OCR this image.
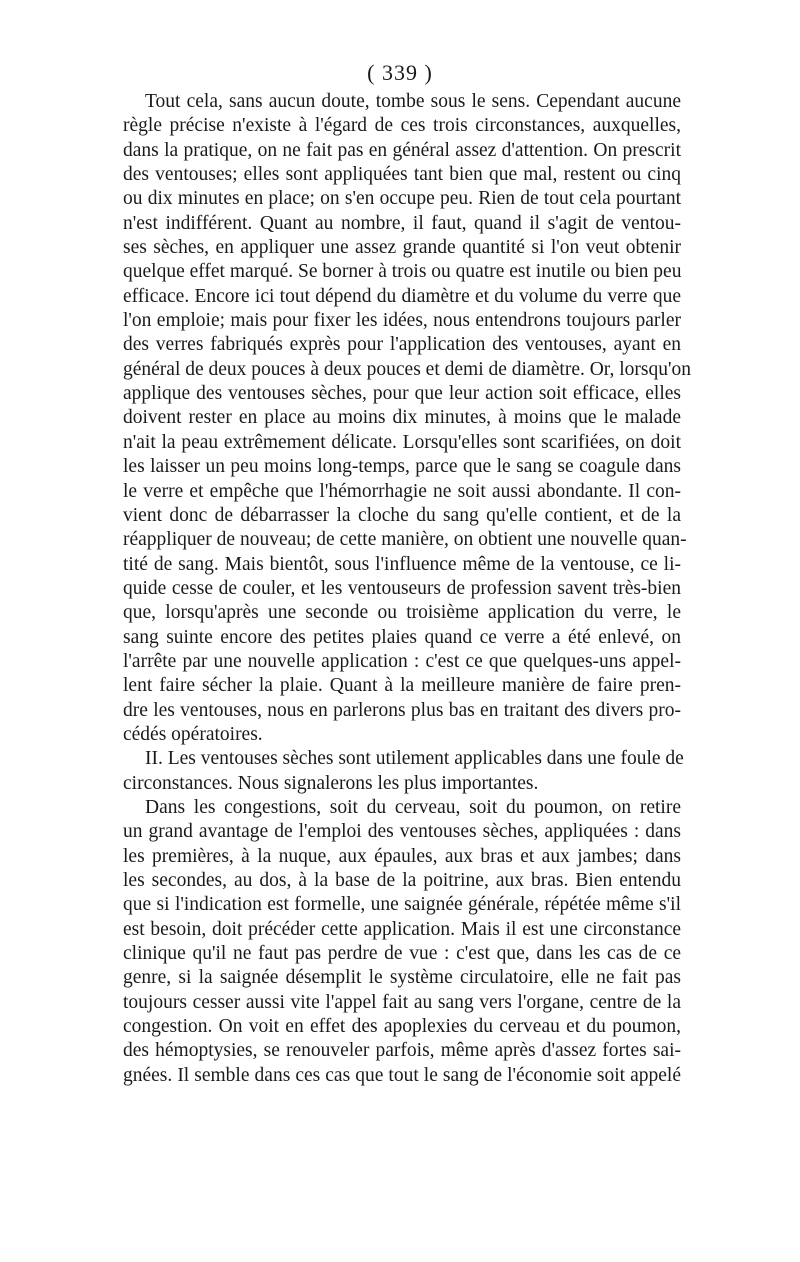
( 339 )
Tout cela, sans aucun doute, tombe sous le sens. Cependant aucune
règle précise n'existe à l'égard de ces trois circonstances, auxquelles,
dans la pratique, on ne fait pas en général assez d'attention. On prescrit
des ventouses; elles sont appliquées tant bien que mal, restent ou cinq
ou dix minutes en place; on s'en occupe peu. Rien de tout cela pourtant
n'est indifférent. Quant au nombre, il faut, quand il s'agit de ventou-
ses sèches, en appliquer une assez grande quantité si l'on veut obtenir
quelque effet marqué. Se borner à trois ou quatre est inutile ou bien peu
efficace. Encore ici tout dépend du diamètre et du volume du verre que
l'on emploie; mais pour fixer les idées, nous entendrons toujours parler
des verres fabriqués exprès pour l'application des ventouses, ayant en
général de deux pouces à deux pouces et demi de diamètre. Or, lorsqu'on
applique des ventouses sèches, pour que leur action soit efficace, elles
doivent rester en place au moins dix minutes, à moins que le malade
n'ait la peau extrêmement délicate. Lorsqu'elles sont scarifiées, on doit
les laisser un peu moins long-temps, parce que le sang se coagule dans
le verre et empêche que l'hémorrhagie ne soit aussi abondante. Il con-
vient donc de débarrasser la cloche du sang qu'elle contient, et de la
réappliquer de nouveau; de cette manière, on obtient une nouvelle quan-
tité de sang. Mais bientôt, sous l'influence même de la ventouse, ce li-
quide cesse de couler, et les ventouseurs de profession savent très-bien
que, lorsqu'après une seconde ou troisième application du verre, le
sang suinte encore des petites plaies quand ce verre a été enlevé, on
l'arrête par une nouvelle application : c'est ce que quelques-uns appel-
lent faire sécher la plaie. Quant à la meilleure manière de faire pren-
dre les ventouses, nous en parlerons plus bas en traitant des divers pro-
cédés opératoires.
II. Les ventouses sèches sont utilement applicables dans une foule de
circonstances. Nous signalerons les plus importantes.
Dans les congestions, soit du cerveau, soit du poumon, on retire
un grand avantage de l'emploi des ventouses sèches, appliquées : dans
les premières, à la nuque, aux épaules, aux bras et aux jambes; dans
les secondes, au dos, à la base de la poitrine, aux bras. Bien entendu
que si l'indication est formelle, une saignée générale, répétée même s'il
est besoin, doit précéder cette application. Mais il est une circonstance
clinique qu'il ne faut pas perdre de vue : c'est que, dans les cas de ce
genre, si la saignée désemplit le système circulatoire, elle ne fait pas
toujours cesser aussi vite l'appel fait au sang vers l'organe, centre de la
congestion. On voit en effet des apoplexies du cerveau et du poumon,
des hémoptysies, se renouveler parfois, même après d'assez fortes sai-
gnées. Il semble dans ces cas que tout le sang de l'économie soit appelé
